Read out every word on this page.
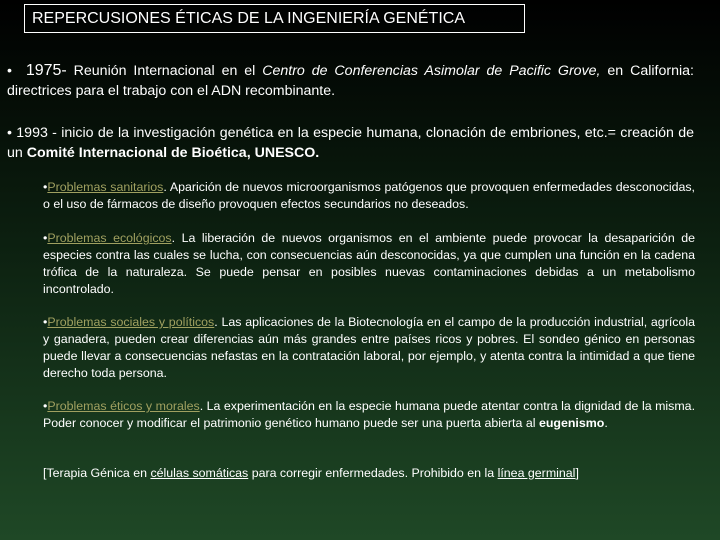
REPERCUSIONES ÉTICAS DE LA INGENIERÍA GENÉTICA
• 1975- Reunión Internacional en el Centro de Conferencias Asimolar de Pacific Grove, en California: directrices para el trabajo con el ADN recombinante.
• 1993 - inicio de la investigación genética en la especie humana, clonación de embriones, etc.= creación de un Comité Internacional de Bioética, UNESCO.
•Problemas sanitarios. Aparición de nuevos microorganismos patógenos que provoquen enfermedades desconocidas, o el uso de fármacos de diseño provoquen efectos secundarios no deseados.
•Problemas ecológicos. La liberación de nuevos organismos en el ambiente puede provocar la desaparición de especies contra las cuales se lucha, con consecuencias aún desconocidas, ya que cumplen una función en la cadena trófica de la naturaleza. Se puede pensar en posibles nuevas contaminaciones debidas a un metabolismo incontrolado.
•Problemas sociales y políticos. Las aplicaciones de la Biotecnología en el campo de la producción industrial, agrícola y ganadera, pueden crear diferencias aún más grandes entre países ricos y pobres. El sondeo génico en personas puede llevar a consecuencias nefastas en la contratación laboral, por ejemplo, y atenta contra la intimidad a que tiene derecho toda persona.
•Problemas éticos y morales. La experimentación en la especie humana puede atentar contra la dignidad de la misma. Poder conocer y modificar el patrimonio genético humano puede ser una puerta abierta al eugenismo.
[Terapia Génica en células somáticas para corregir enfermedades. Prohibido en la línea germinal]
